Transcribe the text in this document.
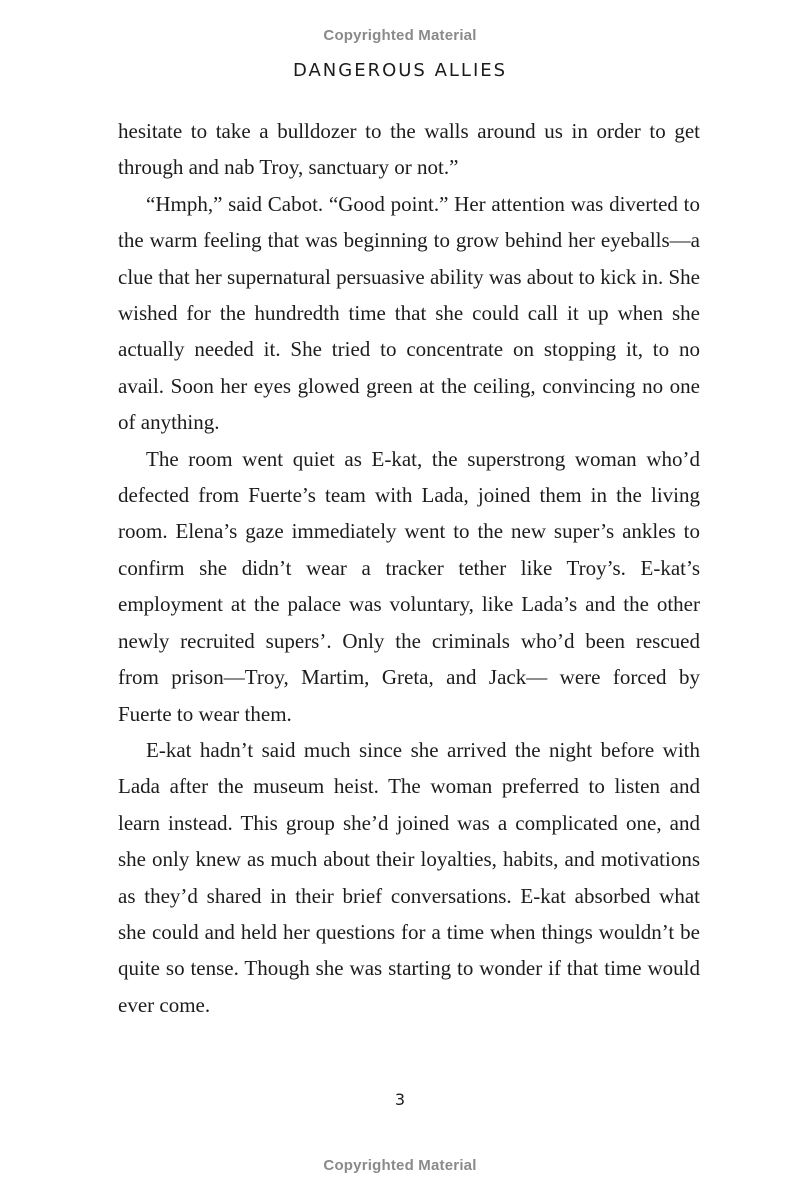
Copyrighted Material
DANGEROUS ALLIES

hesitate to take a bulldozer to the walls around us in order to get through and nab Troy, sanctuary or not.”

“Hmph,” said Cabot. “Good point.” Her attention was diverted to the warm feeling that was beginning to grow behind her eyeballs—a clue that her supernatural persuasive ability was about to kick in. She wished for the hundredth time that she could call it up when she actually needed it. She tried to concentrate on stopping it, to no avail. Soon her eyes glowed green at the ceiling, convincing no one of anything.

The room went quiet as E-kat, the superstrong woman who’d defected from Fuerte’s team with Lada, joined them in the living room. Elena’s gaze immediately went to the new super’s ankles to confirm she didn’t wear a tracker tether like Troy’s. E-kat’s employment at the palace was voluntary, like Lada’s and the other newly recruited supers’. Only the criminals who’d been rescued from prison—Troy, Martim, Greta, and Jack— were forced by Fuerte to wear them.

E-kat hadn’t said much since she arrived the night before with Lada after the museum heist. The woman preferred to listen and learn instead. This group she’d joined was a complicated one, and she only knew as much about their loyalties, habits, and motivations as they’d shared in their brief conversations. E-kat absorbed what she could and held her questions for a time when things wouldn’t be quite so tense. Though she was starting to wonder if that time would ever come.

3
Copyrighted Material
